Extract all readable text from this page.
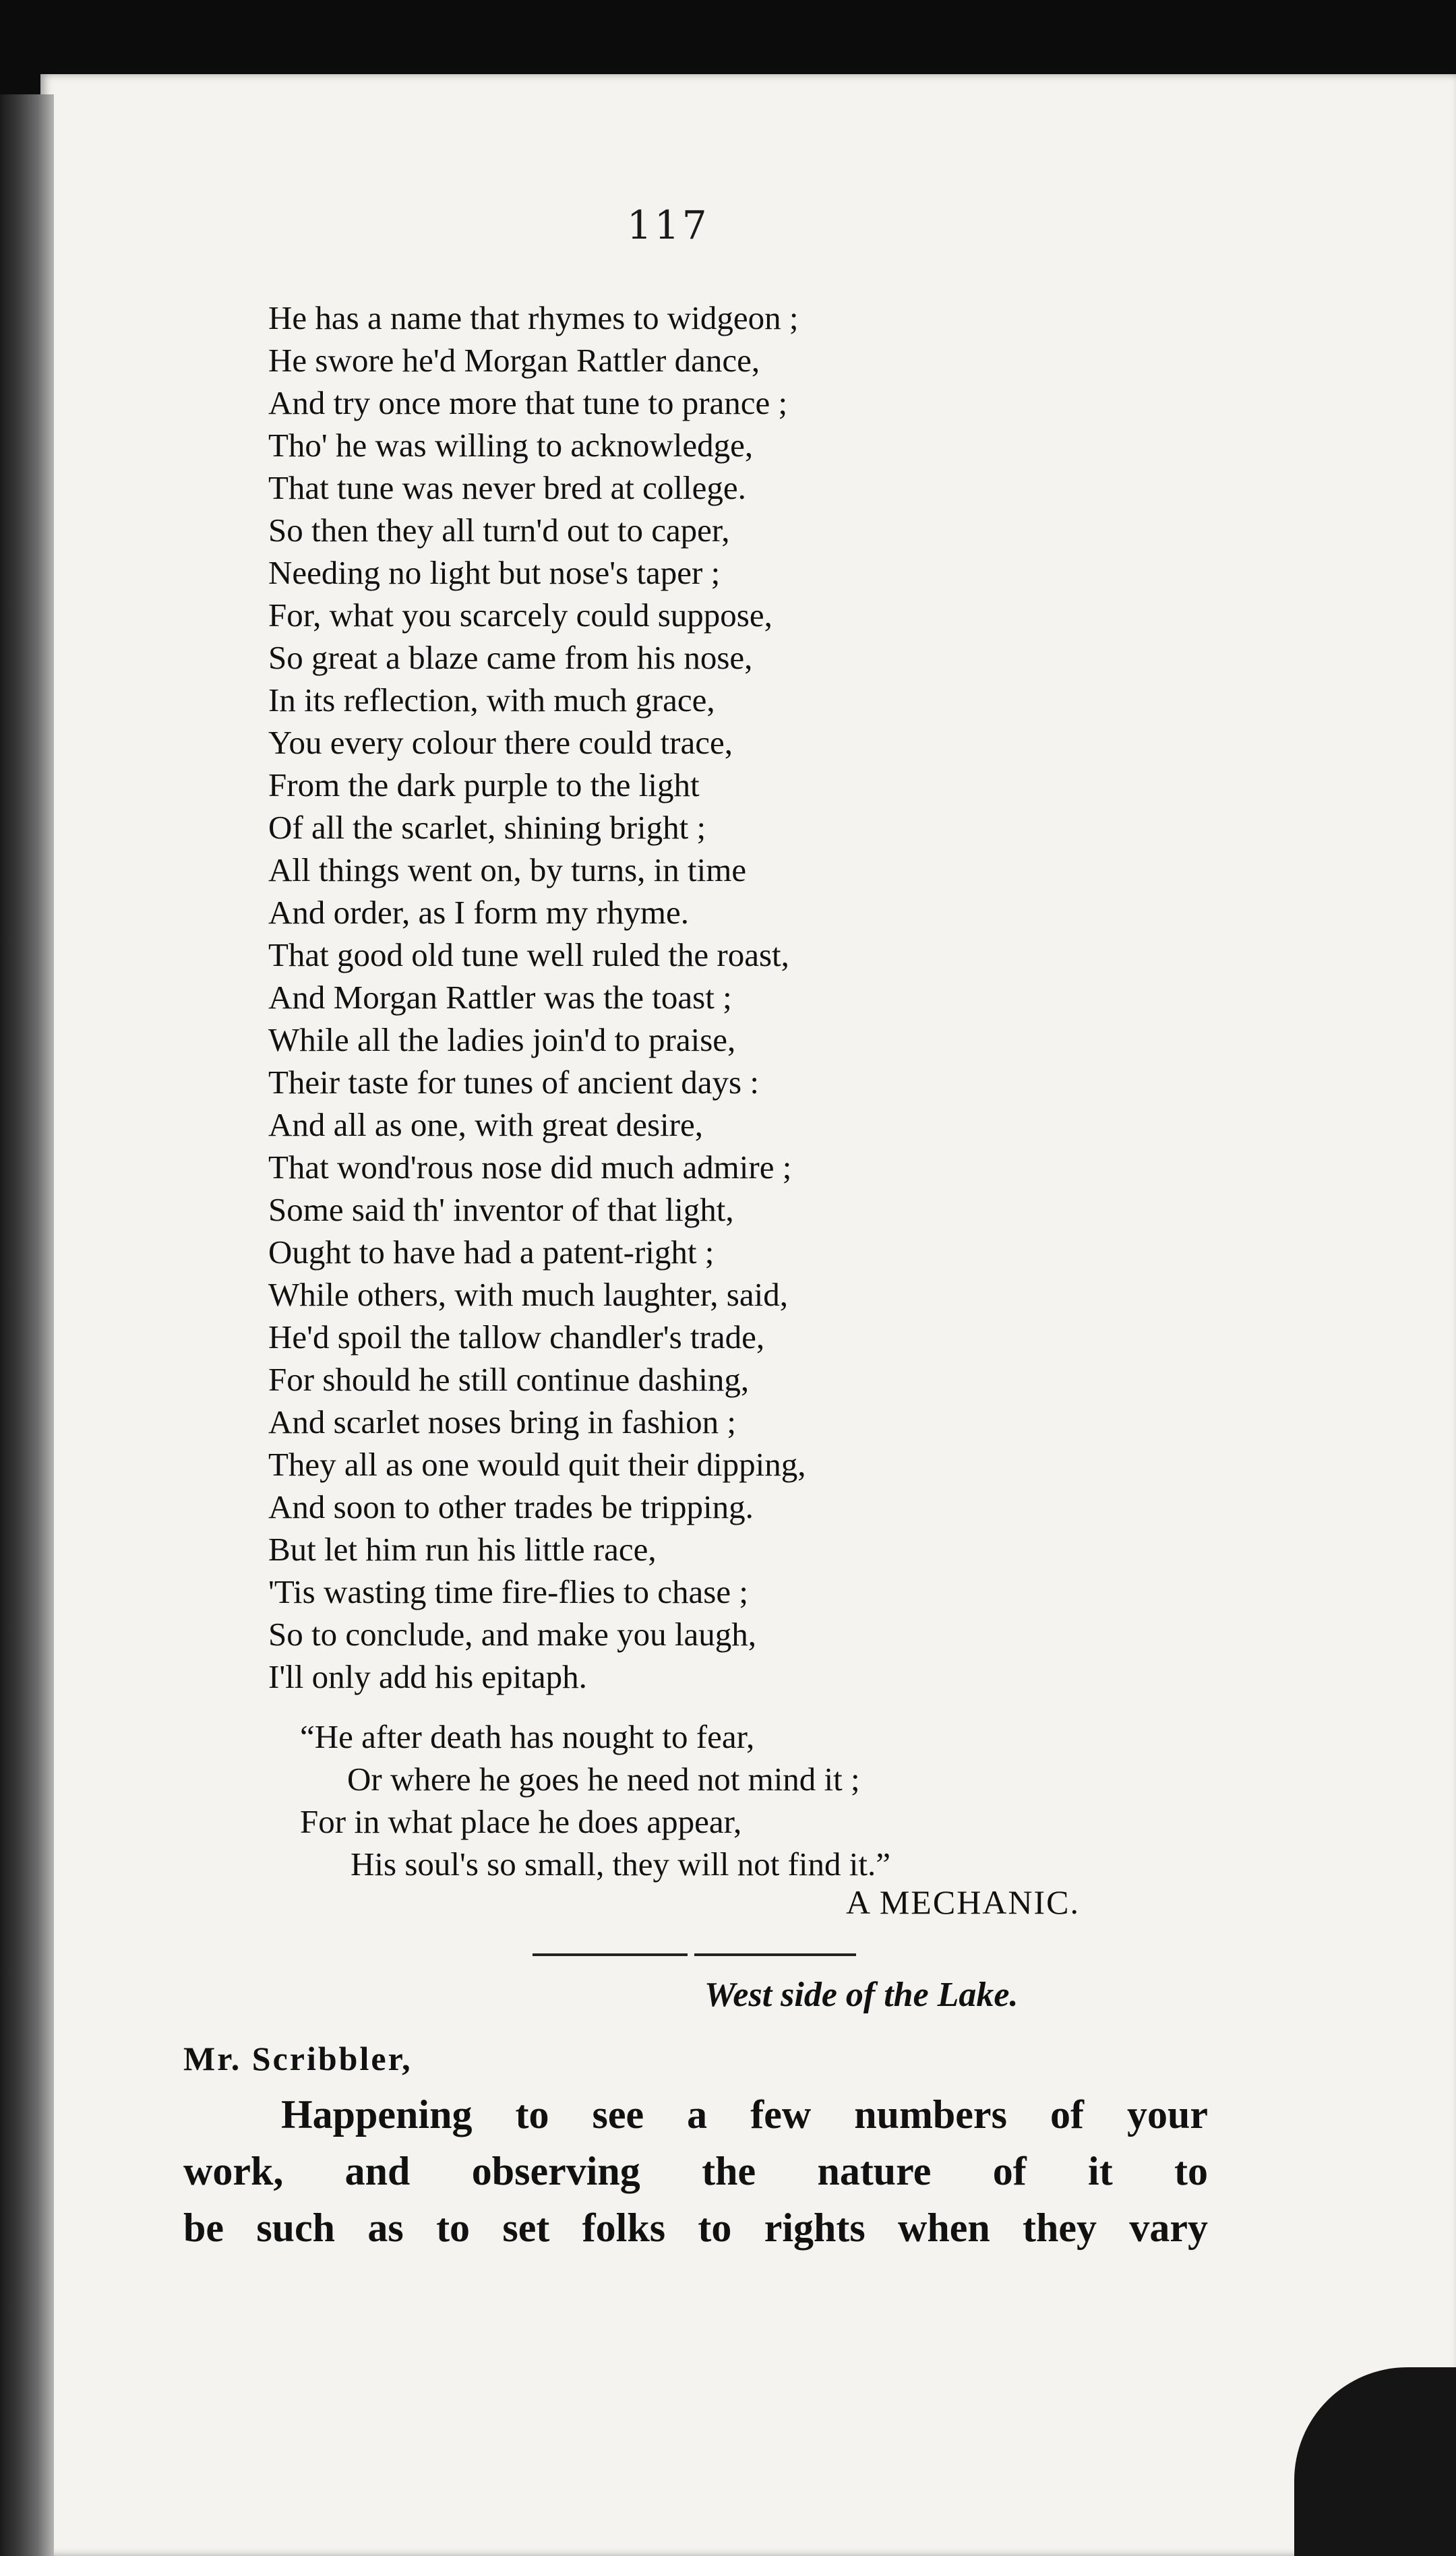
117
He has a name that rhymes to widgeon ;
He swore he'd Morgan Rattler dance,
And try once more that tune to prance ;
Tho' he was willing to acknowledge,
That tune was never bred at college.
So then they all turn'd out to caper,
Needing no light but nose's taper ;
For, what you scarcely could suppose,
So great a blaze came from his nose,
In its reflection, with much grace,
You every colour there could trace,
From the dark purple to the light
Of all the scarlet, shining bright ;
All things went on, by turns, in time
And order, as I form my rhyme.
That good old tune well ruled the roast,
And Morgan Rattler was the toast ;
While all the ladies join'd to praise,
Their taste for tunes of ancient days :
And all as one, with great desire,
That wond'rous nose did much admire ;
Some said th' inventor of that light,
Ought to have had a patent-right ;
While others, with much laughter, said,
He'd spoil the tallow chandler's trade,
For should he still continue dashing,
And scarlet noses bring in fashion ;
They all as one would quit their dipping,
And soon to other trades be tripping.
But let him run his little race,
'Tis wasting time fire-flies to chase ;
So to conclude, and make you laugh,
I'll only add his epitaph.
“He after death has nought to fear,
Or where he goes he need not mind it ;
For in what place he does appear,
His soul's so small, they will not find it.”
A MECHANIC.
West side of the Lake.
Mr. Scribbler,
Happening to see a few numbers of your
work, and observing the nature of it to
be such as to set folks to rights when they vary
